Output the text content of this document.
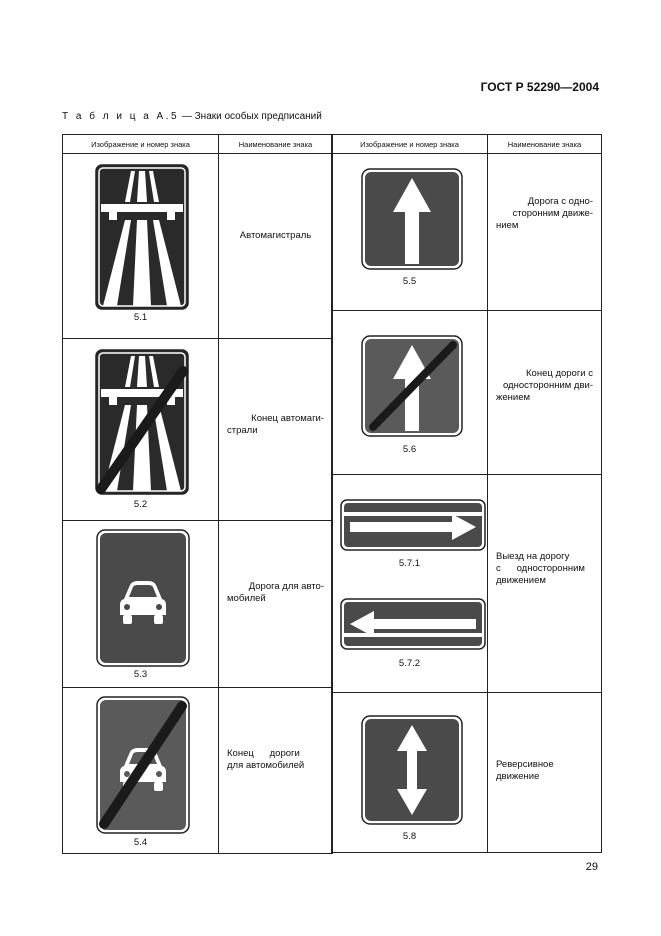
ГОСТ Р 52290—2004
Т а б л и ц а А.5 — Знаки особых предписаний
Изображение и номер знака	Наименование знака
5.1
Автомагистраль
5.2
Конец автомаги-
страли
5.3
Дорога для авто-
мобилей
5.4
Конец      дороги
для автомобилей
Изображение и номер знака	Наименование знака
5.5
Дорога с одно-
сторонним движе-
нием
5.6
Конец дороги с
односторонним дви-
жением
5.7.1
5.7.2
Выезд на дорогу
с      односторонним
движением
5.8
Реверсивное
движение
29
